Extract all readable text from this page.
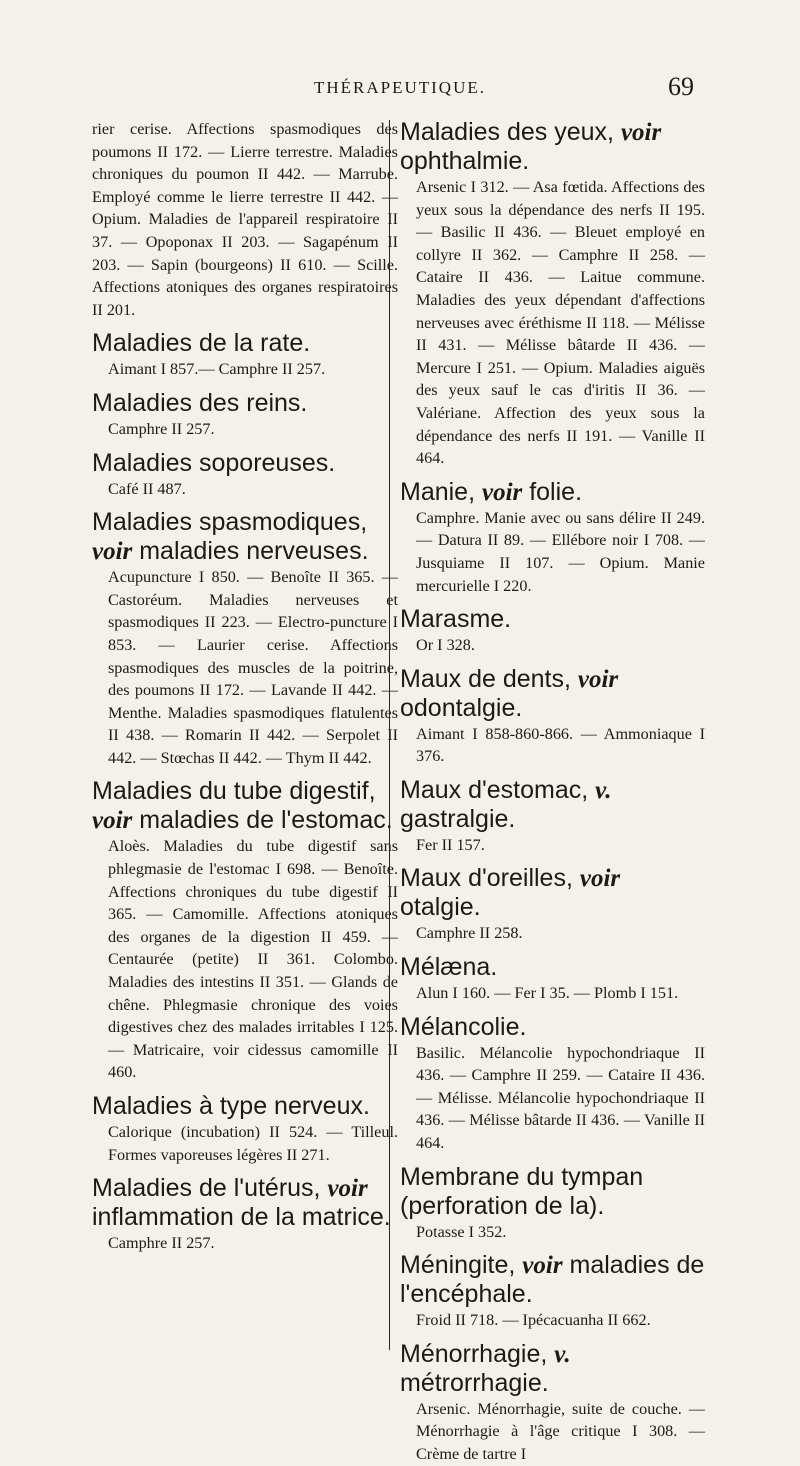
THÉRAPEUTIQUE.	69
rier cerise. Affections spasmodiques des poumons II 172. — Lierre terrestre. Maladies chroniques du poumon II 442. — Marrube. Employé comme le lierre terrestre II 442. — Opium. Maladies de l'appareil respiratoire II 37. — Opoponax II 203. — Sagapénum II 203. — Sapin (bourgeons) II 610. — Scille. Affections atoniques des organes respiratoires II 201.
Maladies de la rate.
Aimant I 857.— Camphre II 257.
Maladies des reins.
Camphre II 257.
Maladies soporeuses.
Café II 487.
Maladies spasmodiques, voir maladies nerveuses.
Acupuncture I 850. — Benoîte II 365. — Castoréum. Maladies nerveuses et spasmodiques II 223. — Electro-puncture I 853. — Laurier cerise. Affections spasmodiques des muscles de la poitrine, des poumons II 172. — Lavande II 442. — Menthe. Maladies spasmodiques flatulentes II 438. — Romarin II 442. — Serpolet II 442. — Stœchas II 442. — Thym II 442.
Maladies du tube digestif, voir maladies de l'estomac.
Aloès. Maladies du tube digestif sans phlegmasie de l'estomac I 698. — Benoîte. Affections chroniques du tube digestif II 365. — Camomille. Affections atoniques des organes de la digestion II 459. — Centaurée (petite) II 361. Colombo. Maladies des intestins II 351. — Glands de chêne. Phlegmasie chronique des voies digestives chez des malades irritables I 125. — Matricaire, voir cidessus camomille II 460.
Maladies à type nerveux.
Calorique (incubation) II 524. — Tilleul. Formes vaporeuses légères II 271.
Maladies de l'utérus, voir inflammation de la matrice.
Camphre II 257.
Maladies des yeux, voir ophthalmie.
Arsenic I 312. — Asa fœtida. Affections des yeux sous la dépendance des nerfs II 195. — Basilic II 436. — Bleuet employé en collyre II 362. — Camphre II 258. — Cataire II 436. — Laitue commune. Maladies des yeux dépendant d'affections nerveuses avec éréthisme II 118. — Mélisse II 431. — Mélisse bâtarde II 436. — Mercure I 251. — Opium. Maladies aiguës des yeux sauf le cas d'iritis II 36. — Valériane. Affection des yeux sous la dépendance des nerfs II 191. — Vanille II 464.
Manie, voir folie.
Camphre. Manie avec ou sans délire II 249. — Datura II 89. — Ellébore noir I 708. — Jusquiame II 107. — Opium. Manie mercurielle I 220.
Marasme.
Or I 328.
Maux de dents, voir odontalgie.
Aimant I 858-860-866. — Ammoniaque I 376.
Maux d'estomac, v. gastralgie.
Fer II 157.
Maux d'oreilles, voir otalgie.
Camphre II 258.
Mélæna.
Alun I 160. — Fer I 35. — Plomb I 151.
Mélancolie.
Basilic. Mélancolie hypochondriaque II 436. — Camphre II 259. — Cataire II 436. — Mélisse. Mélancolie hypochondriaque II 436. — Mélisse bâtarde II 436. — Vanille II 464.
Membrane du tympan (perforation de la).
Potasse I 352.
Méningite, voir maladies de l'encéphale.
Froid II 718. — Ipécacuanha II 662.
Ménorrhagie, v. métrorrhagie.
Arsenic. Ménorrhagie, suite de couche. — Ménorrhagie à l'âge critique I 308. — Crème de tartre I
